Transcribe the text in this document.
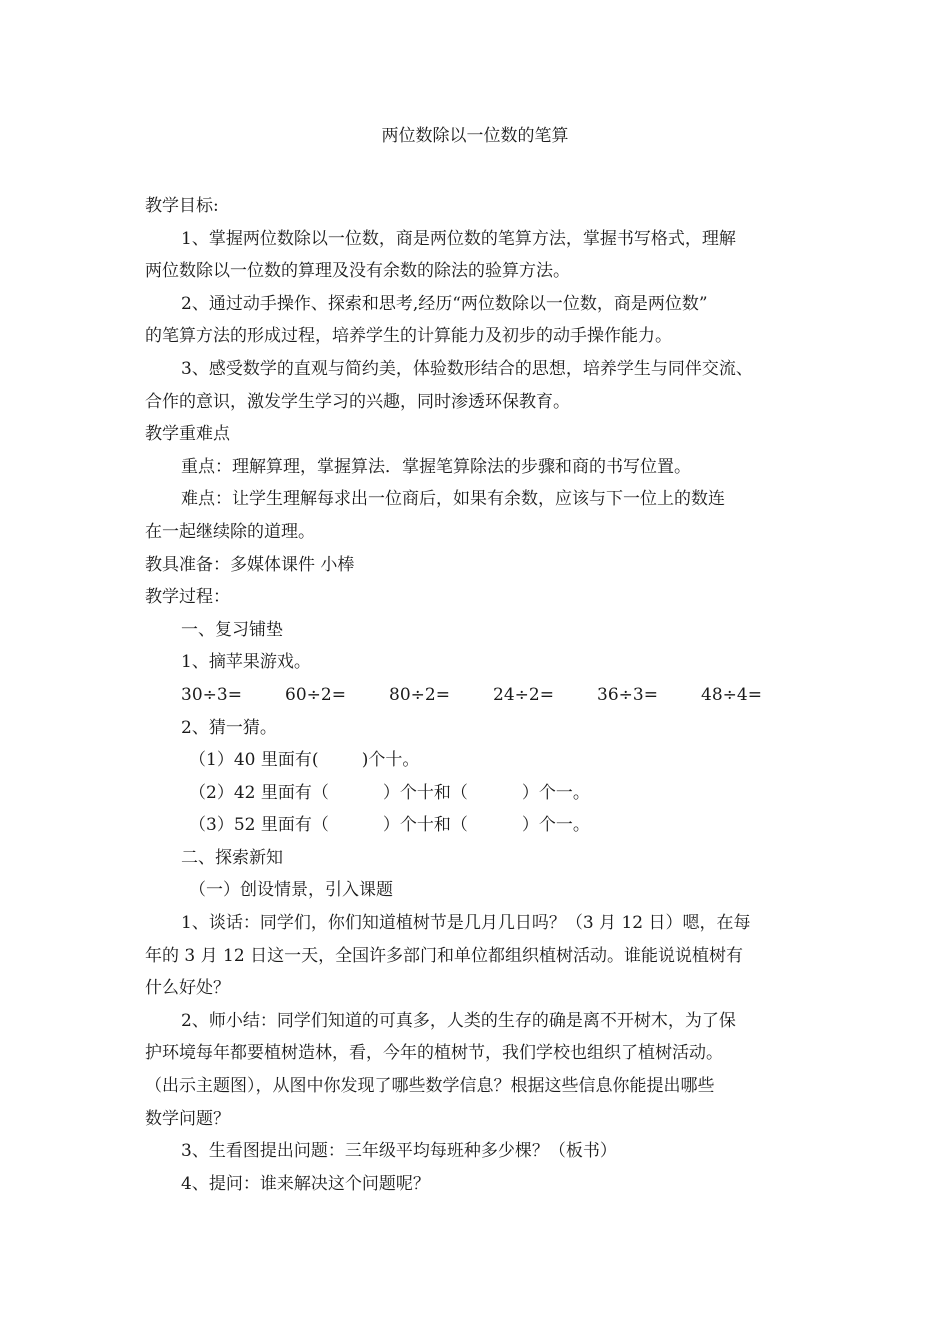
两位数除以一位数的笔算

教学目标:

1、掌握两位数除以一位数，商是两位数的笔算方法，掌握书写格式，理解

两位数除以一位数的算理及没有余数的除法的验算方法。

2、通过动手操作、探索和思考,经历“两位数除以一位数，商是两位数”

的笔算方法的形成过程，培养学生的计算能力及初步的动手操作能力。

3、感受数学的直观与简约美，体验数形结合的思想，培养学生与同伴交流、

合作的意识，激发学生学习的兴趣，同时渗透环保教育。

教学重难点

重点：理解算理，掌握算法．掌握笔算除法的步骤和商的书写位置。

难点：让学生理解每求出一位商后，如果有余数，应该与下一位上的数连

在一起继续除的道理。

教具准备：多媒体课件 小棒

教学过程：

一、复习铺垫

1、摘苹果游戏。

30÷3=	60÷2=	80÷2=	24÷2=	36÷3=	48÷4=

2、猜一猜。

（1）40 里面有(        )个十。

（2）42 里面有（          ）个十和（          ）个一。

（3）52 里面有（          ）个十和（          ）个一。

二、探索新知

（一）创设情景，引入课题

1、谈话：同学们，你们知道植树节是几月几日吗？（3 月 12 日）嗯，在每

年的 3 月 12 日这一天，全国许多部门和单位都组织植树活动。谁能说说植树有

什么好处？

2、师小结：同学们知道的可真多，人类的生存的确是离不开树木，为了保

护环境每年都要植树造林，看，今年的植树节，我们学校也组织了植树活动。

（出示主题图），从图中你发现了哪些数学信息？根据这些信息你能提出哪些

数学问题？

3、生看图提出问题：三年级平均每班种多少棵？（板书）

4、提问：谁来解决这个问题呢？
